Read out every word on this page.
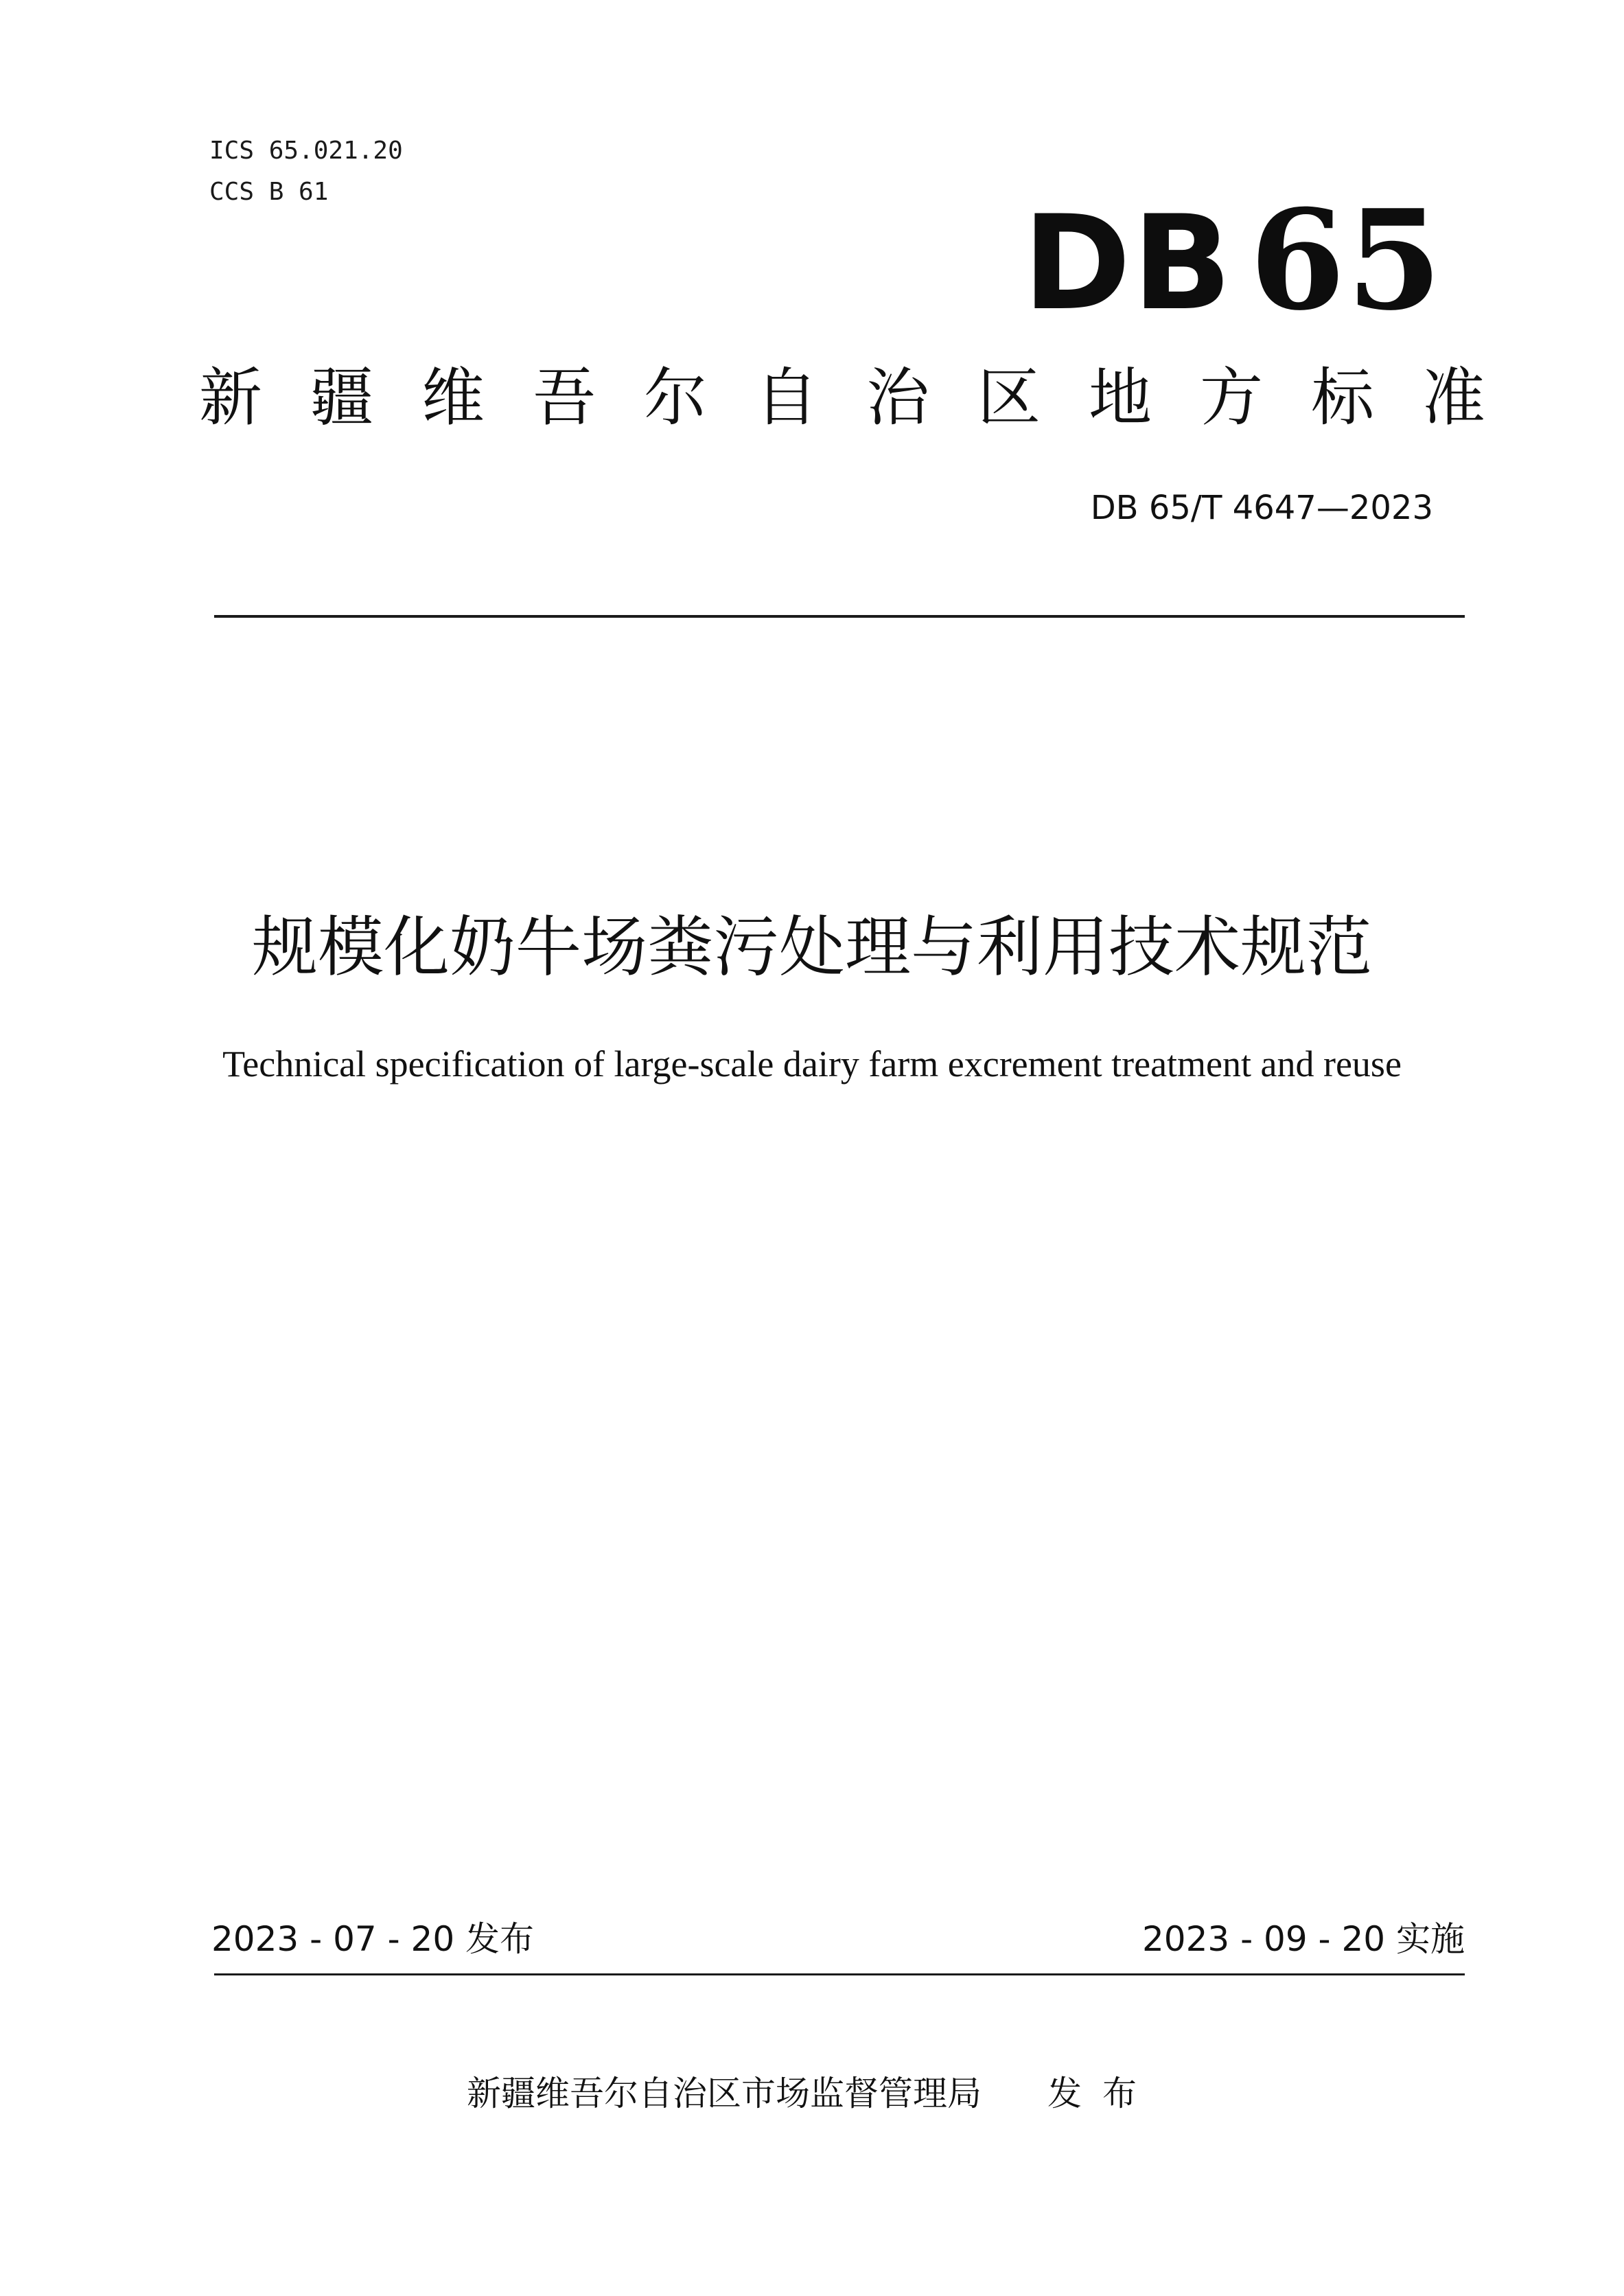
ICS 65.021.20
CCS B 61	DB 65
新疆维吾尔自治区地方标准
DB 65/T 4647—2023
规模化奶牛场粪污处理与利用技术规范
Technical specification of large-scale dairy farm excrement treatment and reuse
2023 - 07 - 20 发布	2023 - 09 - 20 实施
新疆维吾尔自治区市场监督管理局 发布
